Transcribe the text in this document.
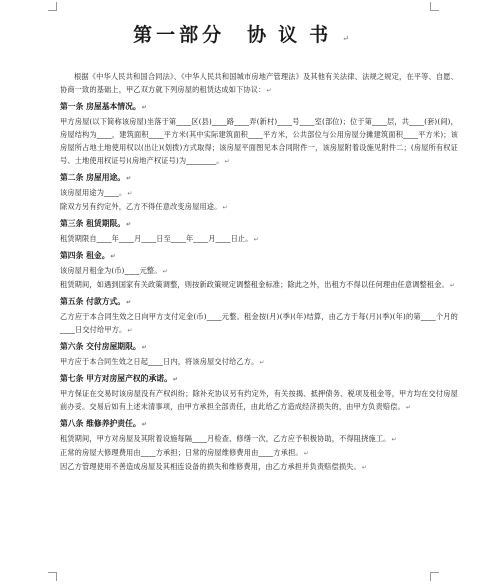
第一部分 协议书 ↵

根据《中华人民共和国合同法》、《中华人民共和国城市房地产管理法》及其他有关法律、法规之规定，在平等、自愿、协商一致的基础上，甲乙双方就下列房屋的租赁达成如下协议：↵

第一条 房屋基本情况。↵

甲方房屋(以下简称该房屋)坐落于第____区(县)____路____弄(新村)____号____室(部位)；位于第____层，共____(套)(间)，房屋结构为____，建筑面积____平方米(其中实际建筑面积____平方米，公共部位与公用房屋分摊建筑面积____平方米)；该房屋所占地土地使用权以(出让)(划拨)方式取得；该房屋平面图见本合同附件一，该房屋附着设施见附件二；(房屋所有权证号、土地使用权证号)(房地产权证号)为________。↵

第二条 房屋用途。↵

该房屋用途为____。↵

除双方另有约定外，乙方不得任意改变房屋用途。↵

第三条 租赁期限。↵

租赁期限自____年____月____日至____年____月____日止。↵

第四条 租金。↵

该房屋月租金为(币)____元整。↵

租赁期间，如遇到国家有关政策调整，则按新政策规定调整租金标准；除此之外，出租方不得以任何理由任意调整租金。↵

第五条 付款方式。↵

乙方应于本合同生效之日向甲方支付定金(币)____元整。租金按(月)(季)(年)结算，由乙方于每(月)(季)(年)的第____个月的____日交付给甲方。↵

第六条 交付房屋期限。↵

甲方应于本合同生效之日起____日内，将该房屋交付给乙方。↵

第七条 甲方对房屋产权的承诺。↵

甲方保证在交易时该房屋没有产权纠纷；除补充协议另有约定外，有关按揭、抵押债务、税项及租金等，甲方均在交付房屋前办妥。交易后如有上述未清事项，由甲方承担全部责任，由此给乙方造成经济损失的，由甲方负责赔偿。↵

第八条 维修养护责任。↵

租赁期间，甲方对房屋及其附着设施每隔____月检查、修缮一次，乙方应予积极协助，不得阻挠施工。↵

正常的房屋大修理费用由____方承担；日常的房屋维修费用由____方承担。↵

因乙方管理使用不善造成房屋及其相连设备的损失和维修费用，由乙方承担并负责赔偿损失。↵
